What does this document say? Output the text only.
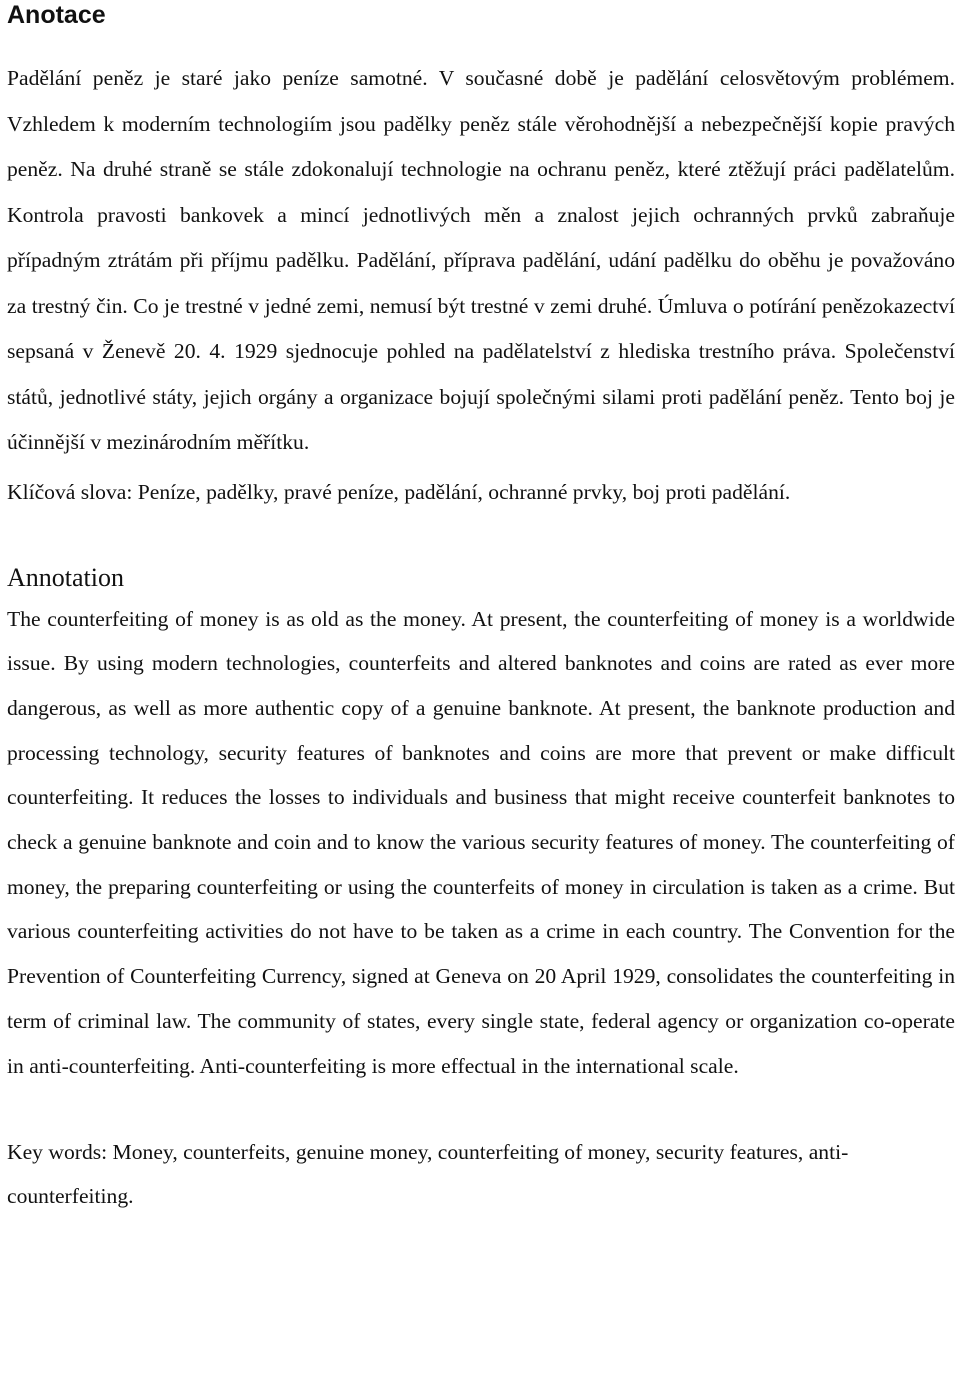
Anotace

Padělání peněz je staré jako peníze samotné. V současné době je padělání celosvětovým problémem. Vzhledem k moderním technologiím jsou padělky peněz stále věrohodnější a nebezpečnější kopie pravých peněz. Na druhé straně se stále zdokonalují technologie na ochranu peněz, které ztěžují práci padělatelům. Kontrola pravosti bankovek a mincí jednotlivých měn a znalost jejich ochranných prvků zabraňuje případným ztrátám při příjmu padělku. Padělání, příprava padělání, udání padělku do oběhu je považováno za trestný čin. Co je trestné v jedné zemi, nemusí být trestné v zemi druhé. Úmluva o potírání penězokazectví sepsaná v Ženevě 20. 4. 1929 sjednocuje pohled na padělatelství z hlediska trestního práva. Společenství států, jednotlivé státy, jejich orgány a organizace bojují společnými silami proti padělání peněz. Tento boj je účinnější v mezinárodním měřítku.

Klíčová slova: Peníze, padělky, pravé peníze, padělání, ochranné prvky, boj proti padělání.

Annotation

The counterfeiting of money is as old as the money. At present, the counterfeiting of money is a worldwide issue. By using modern technologies, counterfeits and altered banknotes and coins are rated as ever more dangerous, as well as more authentic copy of a genuine banknote. At present, the banknote production and processing technology, security features of banknotes and coins are more that prevent or make difficult counterfeiting. It reduces the losses to individuals and business that might receive counterfeit banknotes to check a genuine banknote and coin and to know the various security features of money. The counterfeiting of money, the preparing counterfeiting or using the counterfeits of money in circulation is taken as a crime. But various counterfeiting activities do not have to be taken as a crime in each country. The Convention for the Prevention of Counterfeiting Currency, signed at Geneva on 20 April 1929, consolidates the counterfeiting in term of criminal law. The community of states, every single state, federal agency or organization co-operate in anti-counterfeiting. Anti-counterfeiting is more effectual in the international scale.

Key words: Money, counterfeits, genuine money, counterfeiting of money, security features, anti-counterfeiting.
